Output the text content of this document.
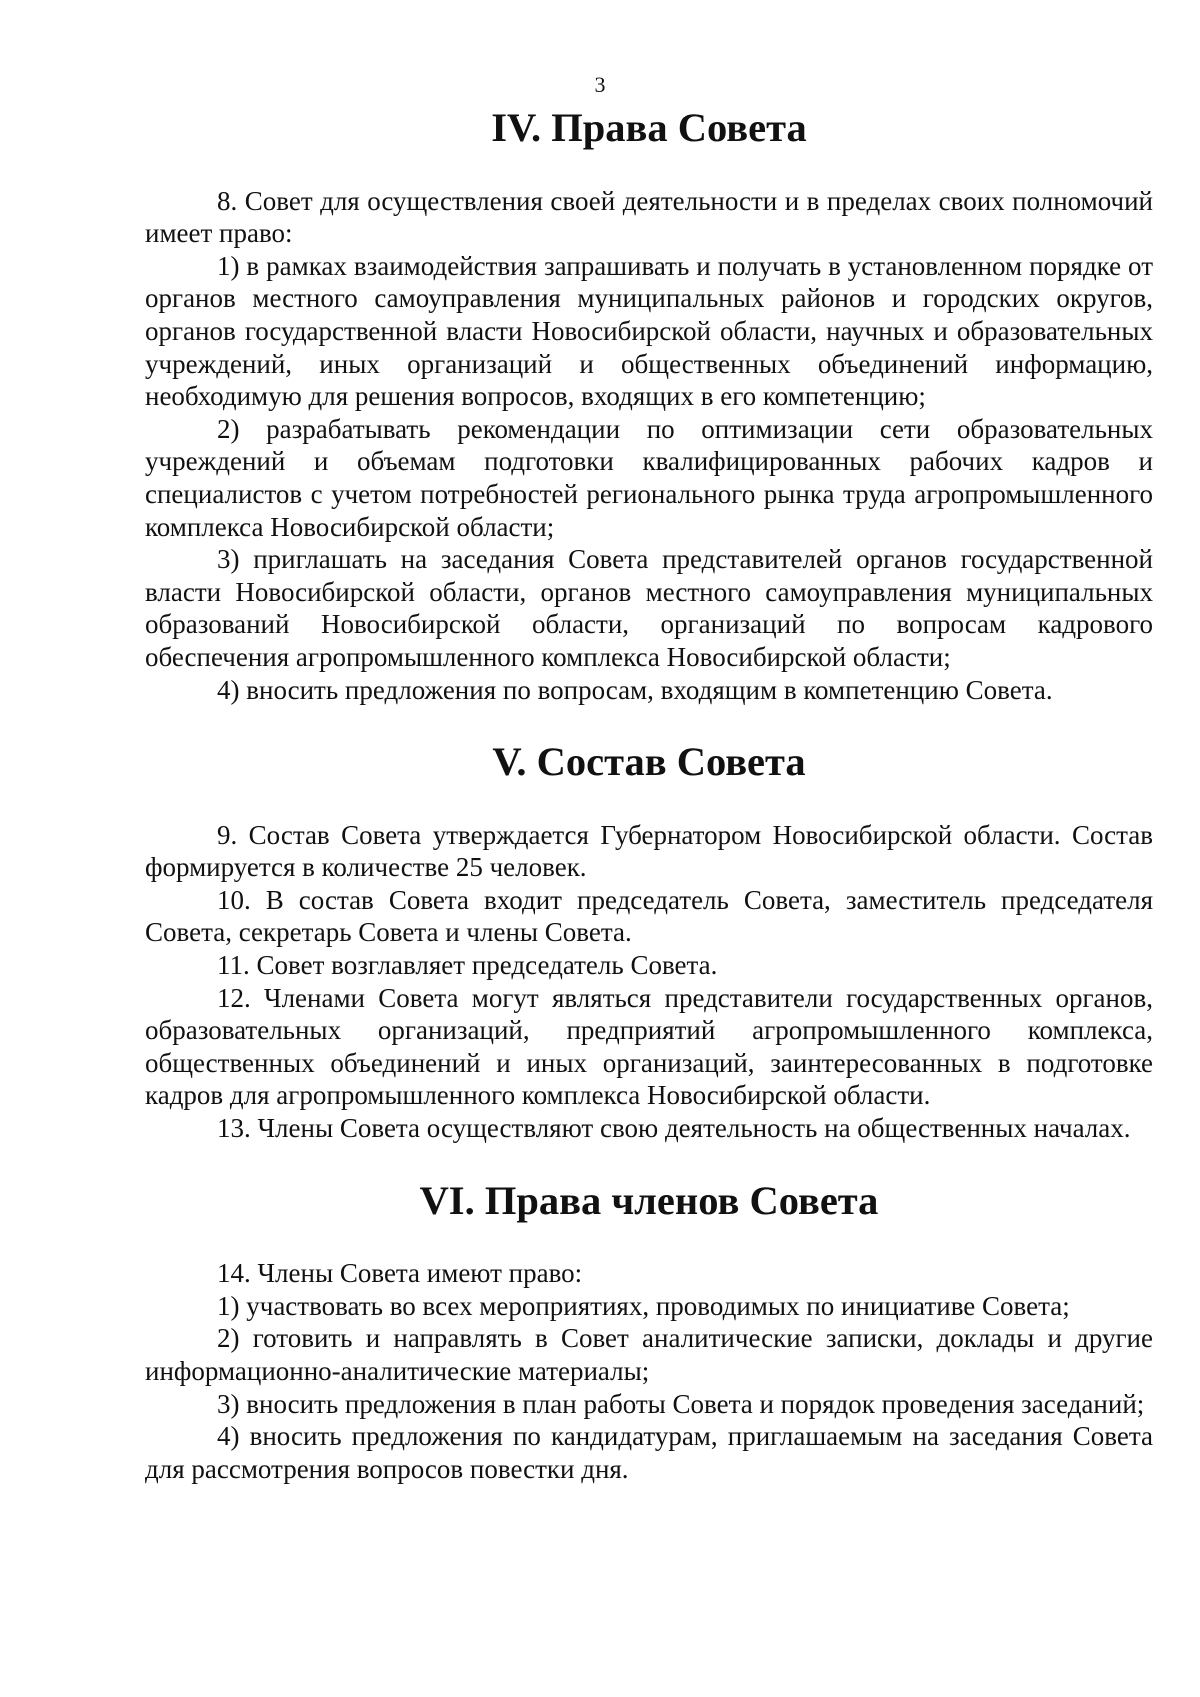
3
IV. Права Совета

8. Совет для осуществления своей деятельности и в пределах своих полномочий имеет право:

1) в рамках взаимодействия запрашивать и получать в установленном порядке от органов местного самоуправления муниципальных районов и городских округов, органов государственной власти Новосибирской области, научных и образовательных учреждений, иных организаций и общественных объединений информацию, необходимую для решения вопросов, входящих в его компетенцию;

2) разрабатывать рекомендации по оптимизации сети образовательных учреждений и объемам подготовки квалифицированных рабочих кадров и специалистов с учетом потребностей регионального рынка труда агропромышленного комплекса Новосибирской области;

3) приглашать на заседания Совета представителей органов государственной власти Новосибирской области, органов местного самоуправления муниципальных образований Новосибирской области, организаций по вопросам кадрового обеспечения агропромышленного комплекса Новосибирской области;

4) вносить предложения по вопросам, входящим в компетенцию Совета.

V. Состав Совета

9. Состав Совета утверждается Губернатором Новосибирской области. Состав формируется в количестве 25 человек.

10. В состав Совета входит председатель Совета, заместитель председателя Совета, секретарь Совета и члены Совета.

11. Совет возглавляет председатель Совета.

12. Членами Совета могут являться представители государственных органов, образовательных организаций, предприятий агропромышленного комплекса, общественных объединений и иных организаций, заинтересованных в подготовке кадров для агропромышленного комплекса Новосибирской области.

13. Члены Совета осуществляют свою деятельность на общественных началах.

VI. Права членов Совета

14. Члены Совета имеют право:

1) участвовать во всех мероприятиях, проводимых по инициативе Совета;

2) готовить и направлять в Совет аналитические записки, доклады и другие информационно-аналитические материалы;

3) вносить предложения в план работы Совета и порядок проведения заседаний;

4) вносить предложения по кандидатурам, приглашаемым на заседания Совета для рассмотрения вопросов повестки дня.
